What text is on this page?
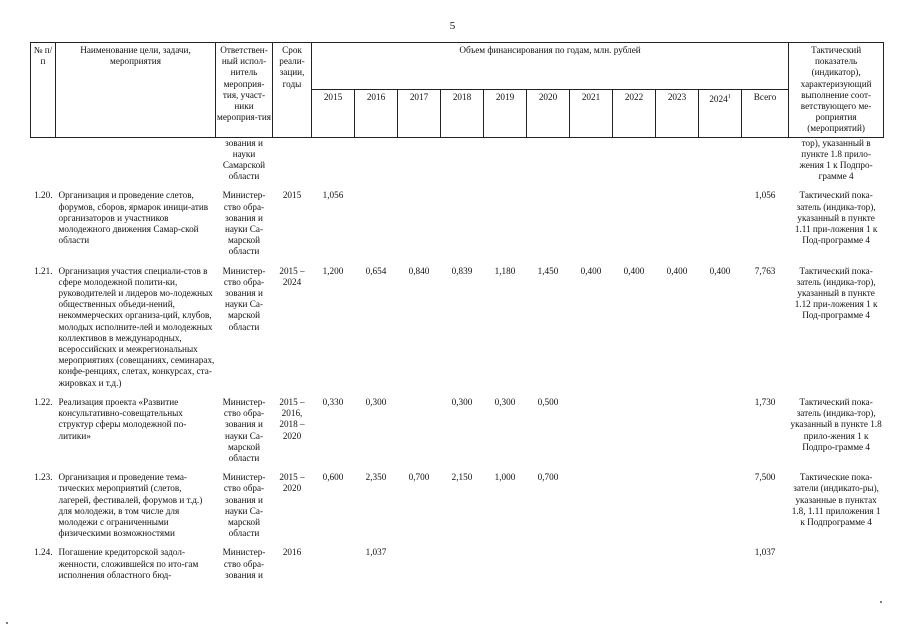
5
№ п/п	Наименование цели, задачи, мероприятия	Ответствен-ный испол-нитель мероприя-тия, участ-ники мероприя-тия	Срок реали-зации, годы	Объем финансирования по годам, млн. рублей											Тактический показатель (индикатор), характеризующий выполнение соот-ветствующего ме-роприятия (мероприятий)
				2015	2016	2017	2018	2019	2020	2021	2022	2023	2024$^1$	Всего	
		зования и науки Самарской области													тор), указанный в пункте 1.8 прило-жения 1 к Подпро-грамме 4

1.20.	Организация и проведение слетов, форумов, сборов, ярмарок иници-атив организаторов и участников молодежного движения Самар-ской области	Министер-ство обра-зования и науки Са-марской области	2015	1,056										1,056	Тактический пока-затель (индика-тор), указанный в пункте 1.11 при-ложения 1 к Под-программе 4

1.21.	Организация участия специали-стов в сфере молодежной полити-ки, руководителей и лидеров мо-лодежных общественных объеди-нений, некоммерческих организа-ций, клубов, молодых исполните-лей и молодежных коллективов в международных, всероссийских и межрегиональных мероприятиях (совещаниях, семинарах, конфе-ренциях, слетах, конкурсах, ста-жировках и т.д.)	Министер-ство обра-зования и науки Са-марской области	2015 – 2024	1,200	0,654	0,840	0,839	1,180	1,450	0,400	0,400	0,400	0,400	7,763	Тактический пока-затель (индика-тор), указанный в пункте 1.12 при-ложения 1 к Под-программе 4

1.22.	Реализация проекта «Развитие консультативно-совещательных структур сферы молодежной по-литики»	Министер-ство обра-зования и науки Са-марской области	2015 – 2016, 2018 – 2020	0,330	0,300		0,300	0,300	0,500					1,730	Тактический пока-затель (индика-тор), указанный в пункте 1.8 прило-жения 1 к Подпро-грамме 4

1.23.	Организация и проведение тема-тических мероприятий (слетов, лагерей, фестивалей, форумов и т.д.) для молодежи, в том числе для молодежи с ограниченными физическими возможностями	Министер-ство обра-зования и науки Са-марской области	2015 – 2020	0,600	2,350	0,700	2,150	1,000	0,700					7,500	Тактические пока-затели (индикато-ры), указанные в пунктах 1.8, 1.11 приложения 1 к Подпрограмме 4

1.24.	Погашение кредиторской задол-женности, сложившейся по ито-гам исполнения областного бюд-	Министер-ство обра-зования и	2016		1,037									1,037	
